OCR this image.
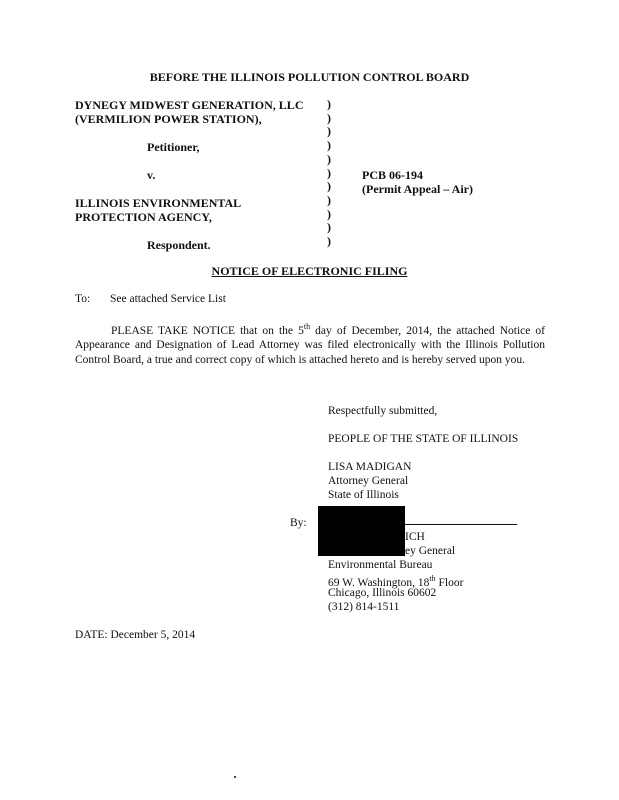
BEFORE THE ILLINOIS POLLUTION CONTROL BOARD
DYNEGY MIDWEST GENERATION, LLC
(VERMILION POWER STATION),
Petitioner,
v.
ILLINOIS ENVIRONMENTAL
PROTECTION AGENCY,
Respondent.
)
)
)
)
)
)
)
)
)
)
)
PCB 06-194
(Permit Appeal – Air)
NOTICE OF ELECTRONIC FILING
To: See attached Service List
PLEASE TAKE NOTICE that on the 5th day of December, 2014, the attached Notice of Appearance and Designation of Lead Attorney was filed electronically with the Illinois Pollution Control Board, a true and correct copy of which is attached hereto and is hereby served upon you.
Respectfully submitted,
PEOPLE OF THE STATE OF ILLINOIS
LISA MADIGAN
Attorney General
State of Illinois
By:
ICH
ey General
Environmental Bureau
69 W. Washington, 18th Floor
Chicago, Illinois 60602
(312) 814-1511
DATE: December 5, 2014
